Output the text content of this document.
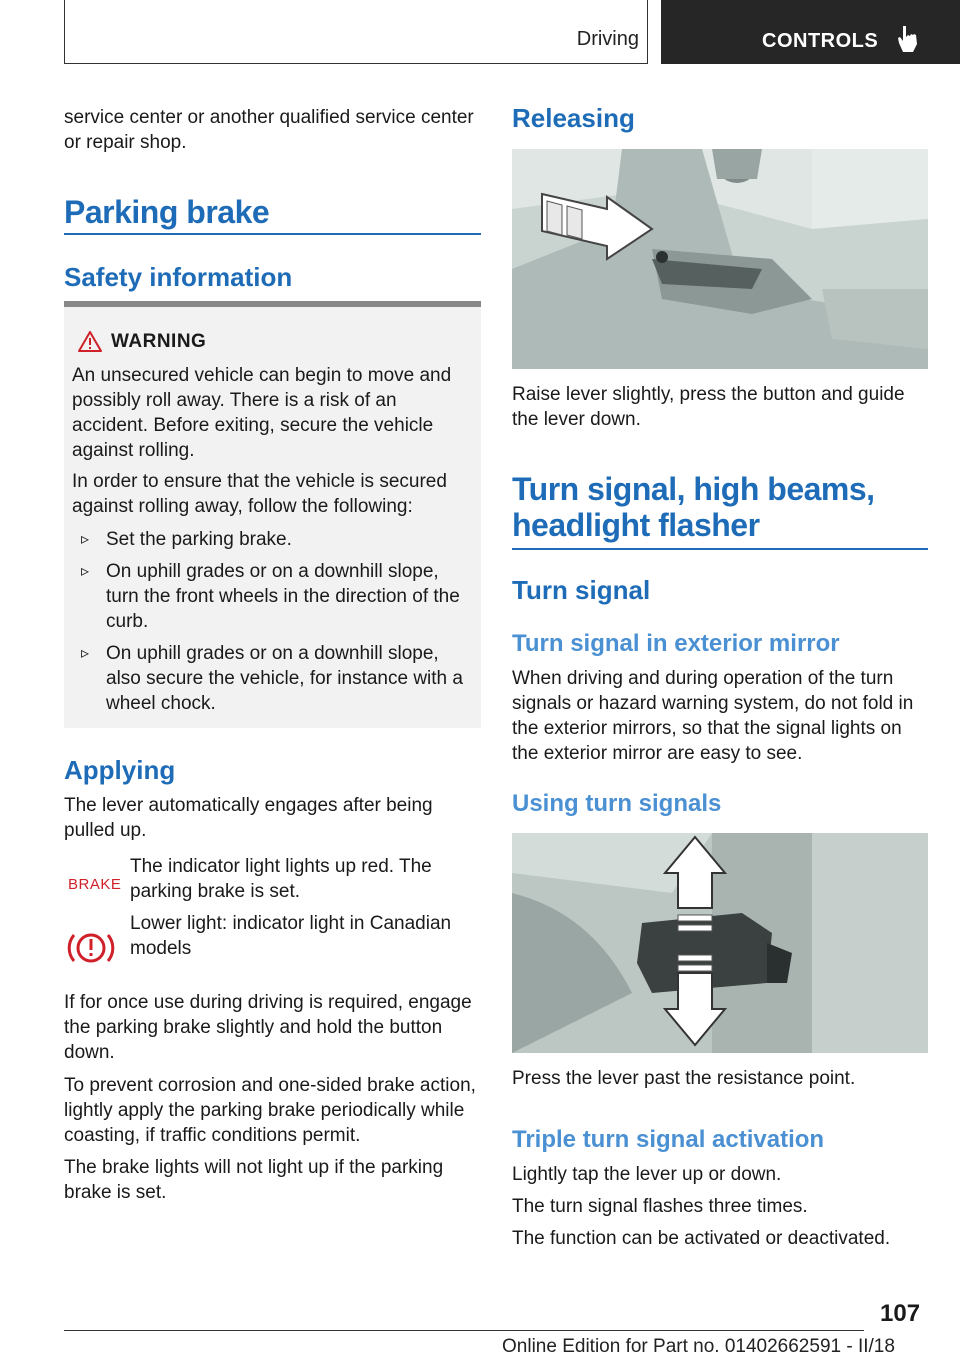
Driving	CONTROLS

service center or another qualified service center or repair shop.

Parking brake
Safety information
WARNING

An unsecured vehicle can begin to move and possibly roll away. There is a risk of an accident. Before exiting, secure the vehicle against rolling.

In order to ensure that the vehicle is secured against rolling away, follow the following:

▹ Set the parking brake.
▹ On uphill grades or on a downhill slope, turn the front wheels in the direction of the curb.
▹ On uphill grades or on a downhill slope, also secure the vehicle, for instance with a wheel chock.
Applying

The lever automatically engages after being pulled up.

BRAKE

The indicator light lights up red. The parking brake is set.

Lower light: indicator light in Canadian models

If for once use during driving is required, engage the parking brake slightly and hold the button down.

To prevent corrosion and one-sided brake action, lightly apply the parking brake periodically while coasting, if traffic conditions permit.

The brake lights will not light up if the parking brake is set.

Releasing

Raise lever slightly, press the button and guide the lever down.

Turn signal, high beams, headlight flasher
Turn signal
Turn signal in exterior mirror

When driving and during operation of the turn signals or hazard warning system, do not fold in the exterior mirrors, so that the signal lights on the exterior mirror are easy to see.

Using turn signals

Press the lever past the resistance point.

Triple turn signal activation

Lightly tap the lever up or down.

The turn signal flashes three times.

The function can be activated or deactivated.

107
Online Edition for Part no. 01402662591 - II/18
